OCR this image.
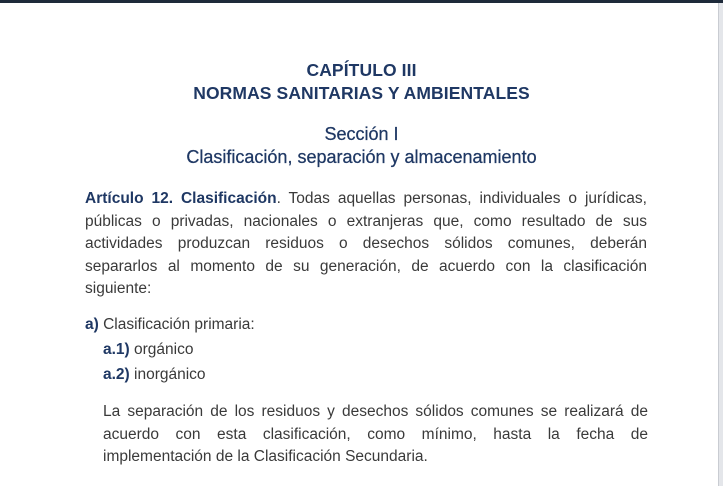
CAPÍTULO III
NORMAS SANITARIAS Y AMBIENTALES
Sección I
Clasificación, separación y almacenamiento
Artículo 12. Clasificación. Todas aquellas personas, individuales o jurídicas, públicas o privadas, nacionales o extranjeras que, como resultado de sus actividades produzcan residuos o desechos sólidos comunes, deberán separarlos al momento de su generación, de acuerdo con la clasificación siguiente:
a) Clasificación primaria:
a.1) orgánico
a.2) inorgánico
La separación de los residuos y desechos sólidos comunes se realizará de acuerdo con esta clasificación, como mínimo, hasta la fecha de implementación de la Clasificación Secundaria.
